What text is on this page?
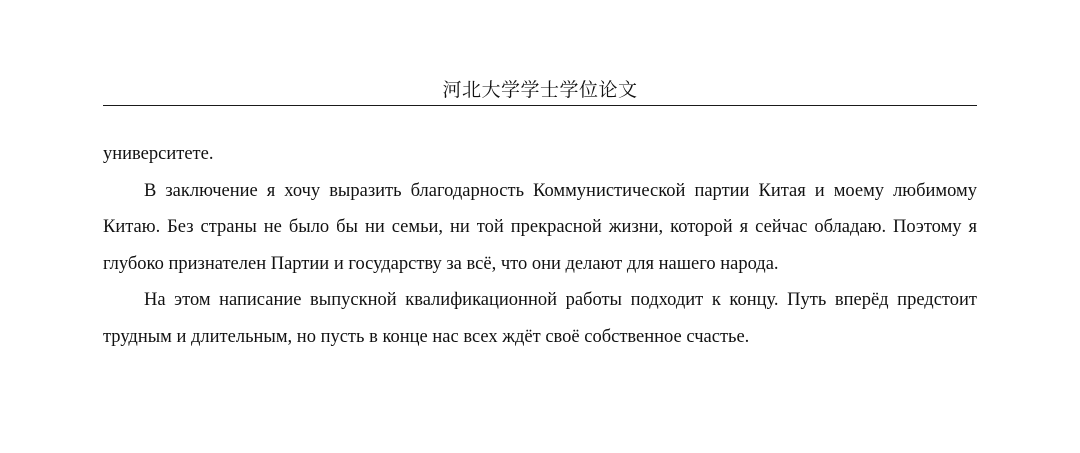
河北大学学士学位论文

университете.

В заключение я хочу выразить благодарность Коммунистической партии Китая и моему любимому Китаю. Без страны не было бы ни семьи, ни той прекрасной жизни, которой я сейчас обладаю. Поэтому я глубоко признателен Партии и государству за всё, что они делают для нашего народа.

На этом написание выпускной квалификационной работы подходит к концу. Путь вперёд предстоит трудным и длительным, но пусть в конце нас всех ждёт своё собственное счастье.
